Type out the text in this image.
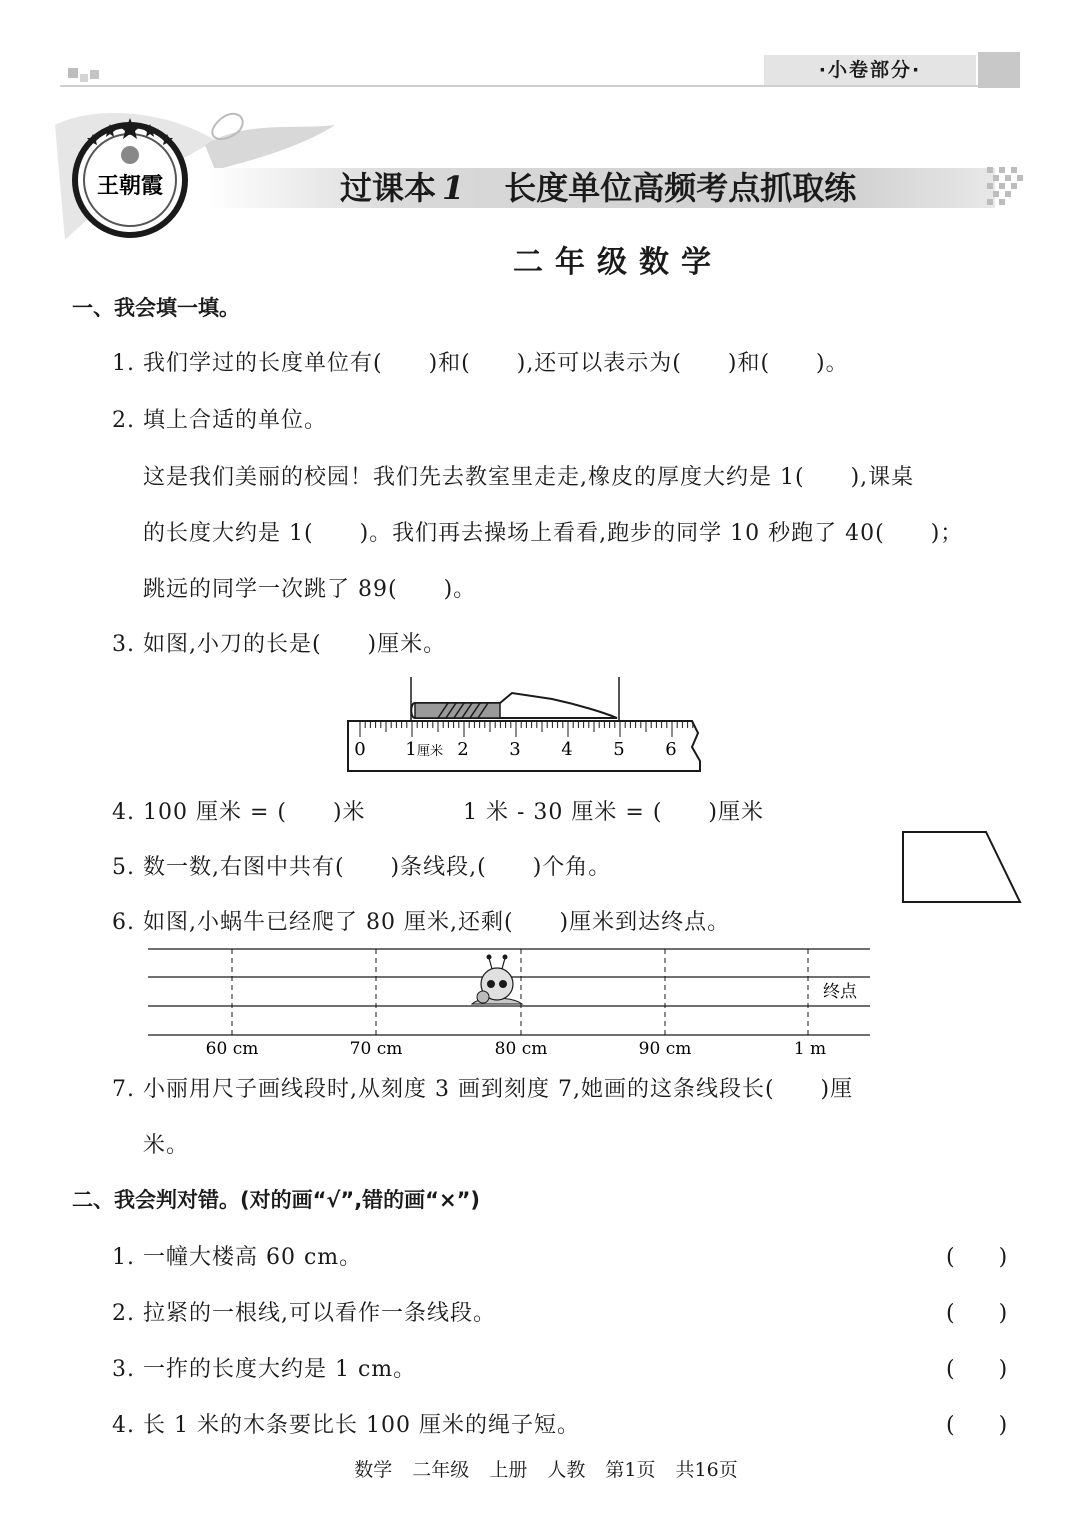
·小卷部分·
王朝霞	过课本 1 长度单位高频考点抓取练
二年级数学
一、我会填一填。
1. 我们学过的长度单位有(　　)和(　　),还可以表示为(　　)和(　　)。
2. 填上合适的单位。
这是我们美丽的校园！我们先去教室里走走,橡皮的厚度大约是 1(　　),课桌
的长度大约是 1(　　)。我们再去操场上看看,跑步的同学 10 秒跑了 40(　　)；
跳远的同学一次跳了 89(　　)。
3. 如图,小刀的长是(　　)厘米。
0 1 厘米 2 3 4 5 6
4. 100 厘米 = (　　)米	1 米 - 30 厘米 = (　　)厘米
5. 数一数,右图中共有(　　)条线段,(　　)个角。
6. 如图,小蜗牛已经爬了 80 厘米,还剩(　　)厘米到达终点。
终点
60 cm	70 cm	80 cm	90 cm	1 m
7. 小丽用尺子画线段时,从刻度 3 画到刻度 7,她画的这条线段长(　　)厘
米。
二、我会判对错。(对的画“√”,错的画“×”)
1. 一幢大楼高 60 cm。	(　　)
2. 拉紧的一根线,可以看作一条线段。	(　　)
3. 一拃的长度大约是 1 cm。	(　　)
4. 长 1 米的木条要比长 100 厘米的绳子短。	(　　)
数学 二年级 上册 人教 第1页 共16页
